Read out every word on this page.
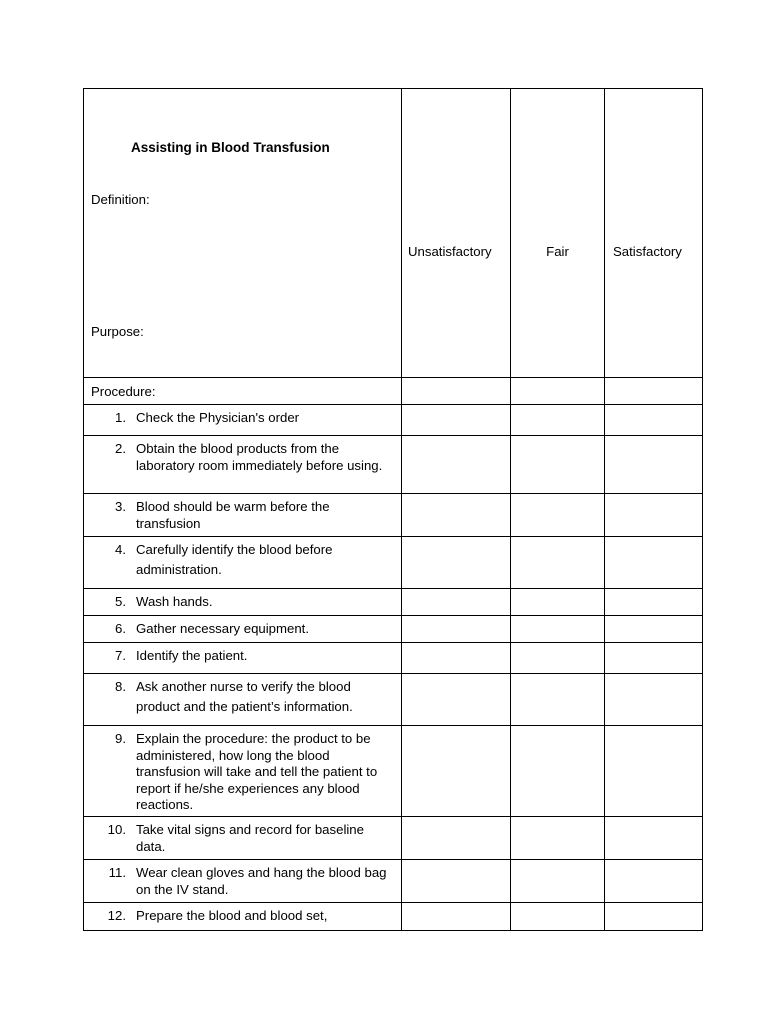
Assisting in Blood Transfusion
Definition:
Purpose:	Unsatisfactory	Fair	Satisfactory

Procedure:			

1. Check the Physician's order			

2. Obtain the blood products from the laboratory room immediately before using.			

3. Blood should be warm before the transfusion			

4. Carefully identify the blood before administration.			

5. Wash hands.			

6. Gather necessary equipment.			

7. Identify the patient.			

8. Ask another nurse to verify the blood product and the patient’s information.			

9. Explain the procedure: the product to be administered, how long the blood transfusion will take and tell the patient to report if he/she experiences any blood reactions.			

10. Take vital signs and record for baseline data.			

11. Wear clean gloves and hang the blood bag on the IV stand.			

12. Prepare the blood and blood set,			
